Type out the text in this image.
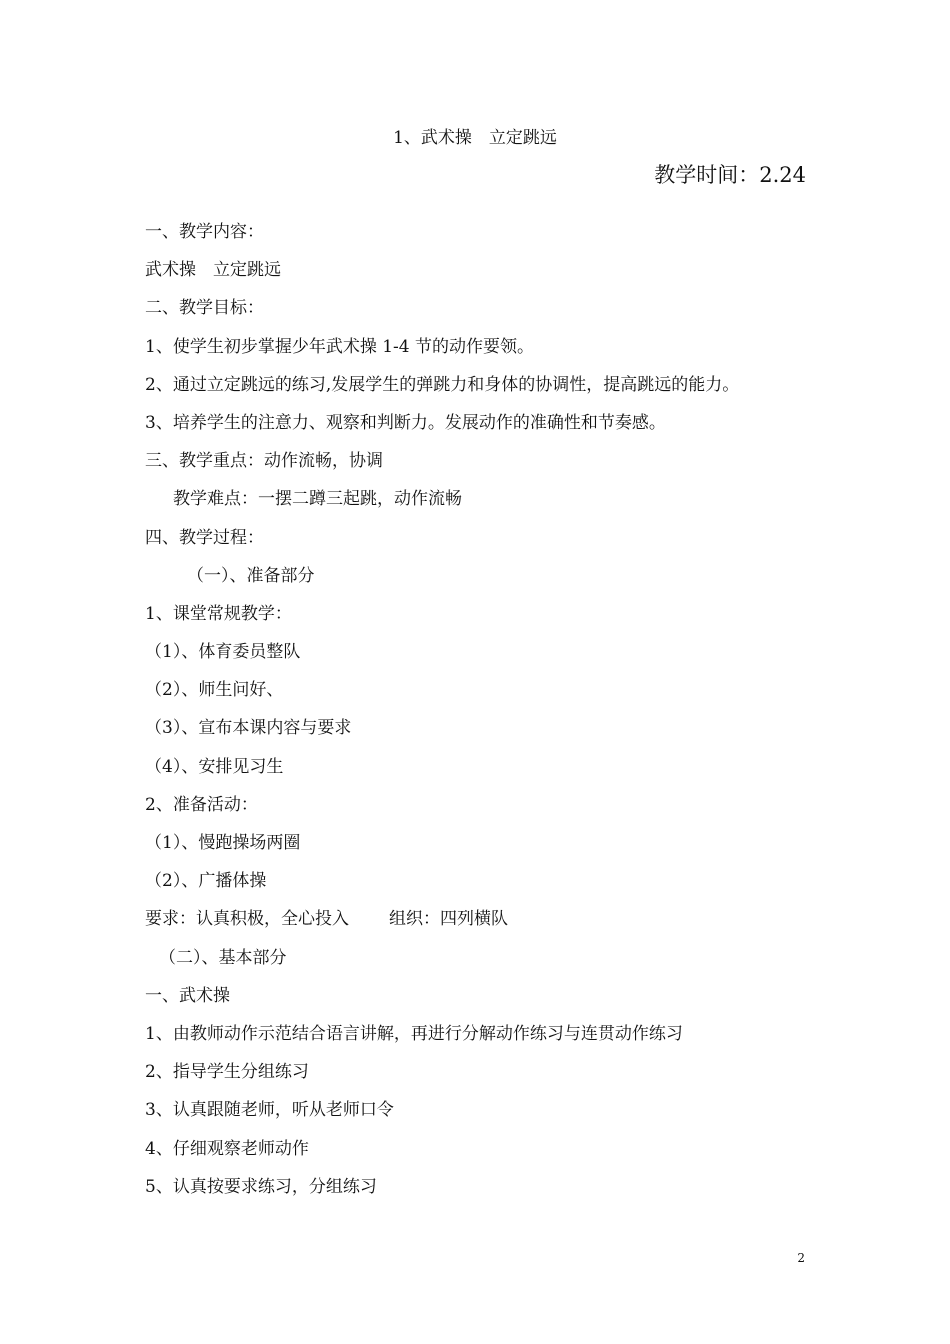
1、武术操　立定跳远
教学时间：2.24
一、教学内容：
武术操　立定跳远
二、教学目标：
1、使学生初步掌握少年武术操 1-4 节的动作要领。
2、通过立定跳远的练习,发展学生的弹跳力和身体的协调性，提高跳远的能力。
3、培养学生的注意力、观察和判断力。发展动作的准确性和节奏感。
三、教学重点：动作流畅，协调
教学难点：一摆二蹲三起跳，动作流畅
四、教学过程：
（一）、准备部分
1、课堂常规教学：
（1）、体育委员整队
（2）、师生问好、
（3）、宣布本课内容与要求
（4）、安排见习生
2、准备活动：
（1）、慢跑操场两圈
（2）、广播体操
要求：认真积极，全心投入 组织：四列横队
（二）、基本部分
一、武术操
1、由教师动作示范结合语言讲解，再进行分解动作练习与连贯动作练习
2、指导学生分组练习
3、认真跟随老师，听从老师口令
4、仔细观察老师动作
5、认真按要求练习，分组练习
2
